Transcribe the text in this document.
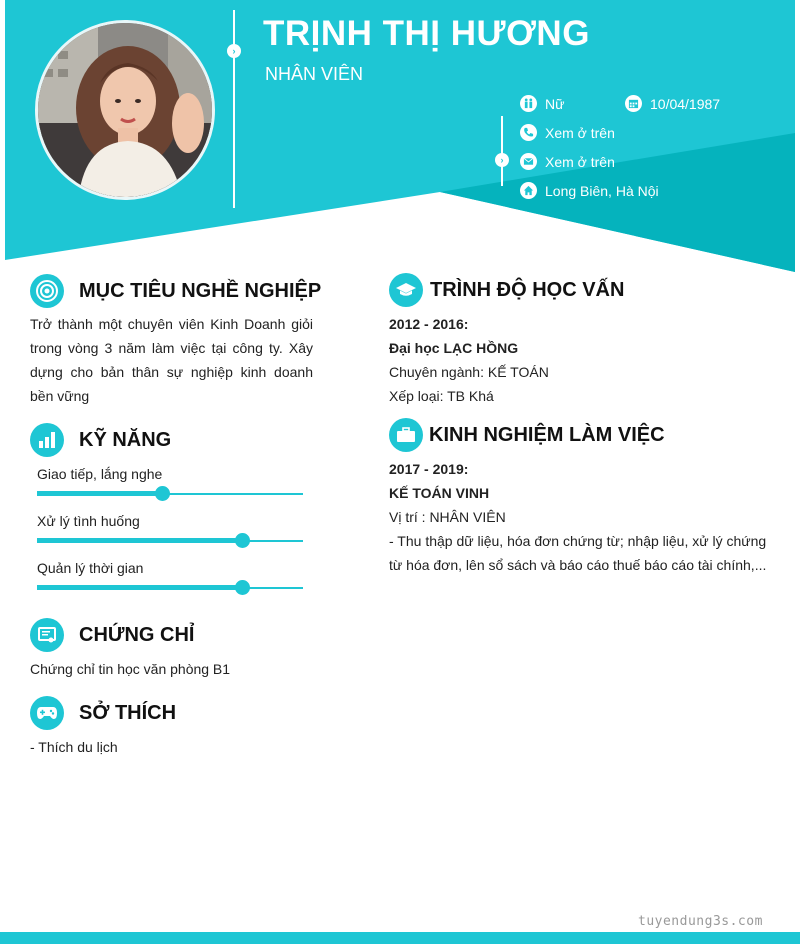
› TRỊNH THỊ HƯƠNG
NHÂN VIÊN
›
Nữ	10/04/1987
Xem ở trên
Xem ở trên
Long Biên, Hà Nội
MỤC TIÊU NGHỀ NGHIỆP
Trở thành một chuyên viên Kinh Doanh giỏi trong vòng 3 năm làm việc tại công ty. Xây dựng cho bản thân sự nghiệp kinh doanh bền vững
KỸ NĂNG
Giao tiếp, lắng nghe
Xử lý tình huống
Quản lý thời gian
CHỨNG CHỈ
Chứng chỉ tin học văn phòng B1
SỞ THÍCH
- Thích du lịch
TRÌNH ĐỘ HỌC VẤN
2012 - 2016:
Đại học LẠC HỒNG
Chuyên ngành: KẾ TOÁN
Xếp loại: TB Khá
KINH NGHIỆM LÀM VIỆC
2017 - 2019:
KẾ TOÁN VINH
Vị trí : NHÂN VIÊN
- Thu thập dữ liệu, hóa đơn chứng từ; nhập liệu, xử lý chứng
từ hóa đơn, lên sổ sách và báo cáo thuế báo cáo tài chính,...
tuyendung3s.com
